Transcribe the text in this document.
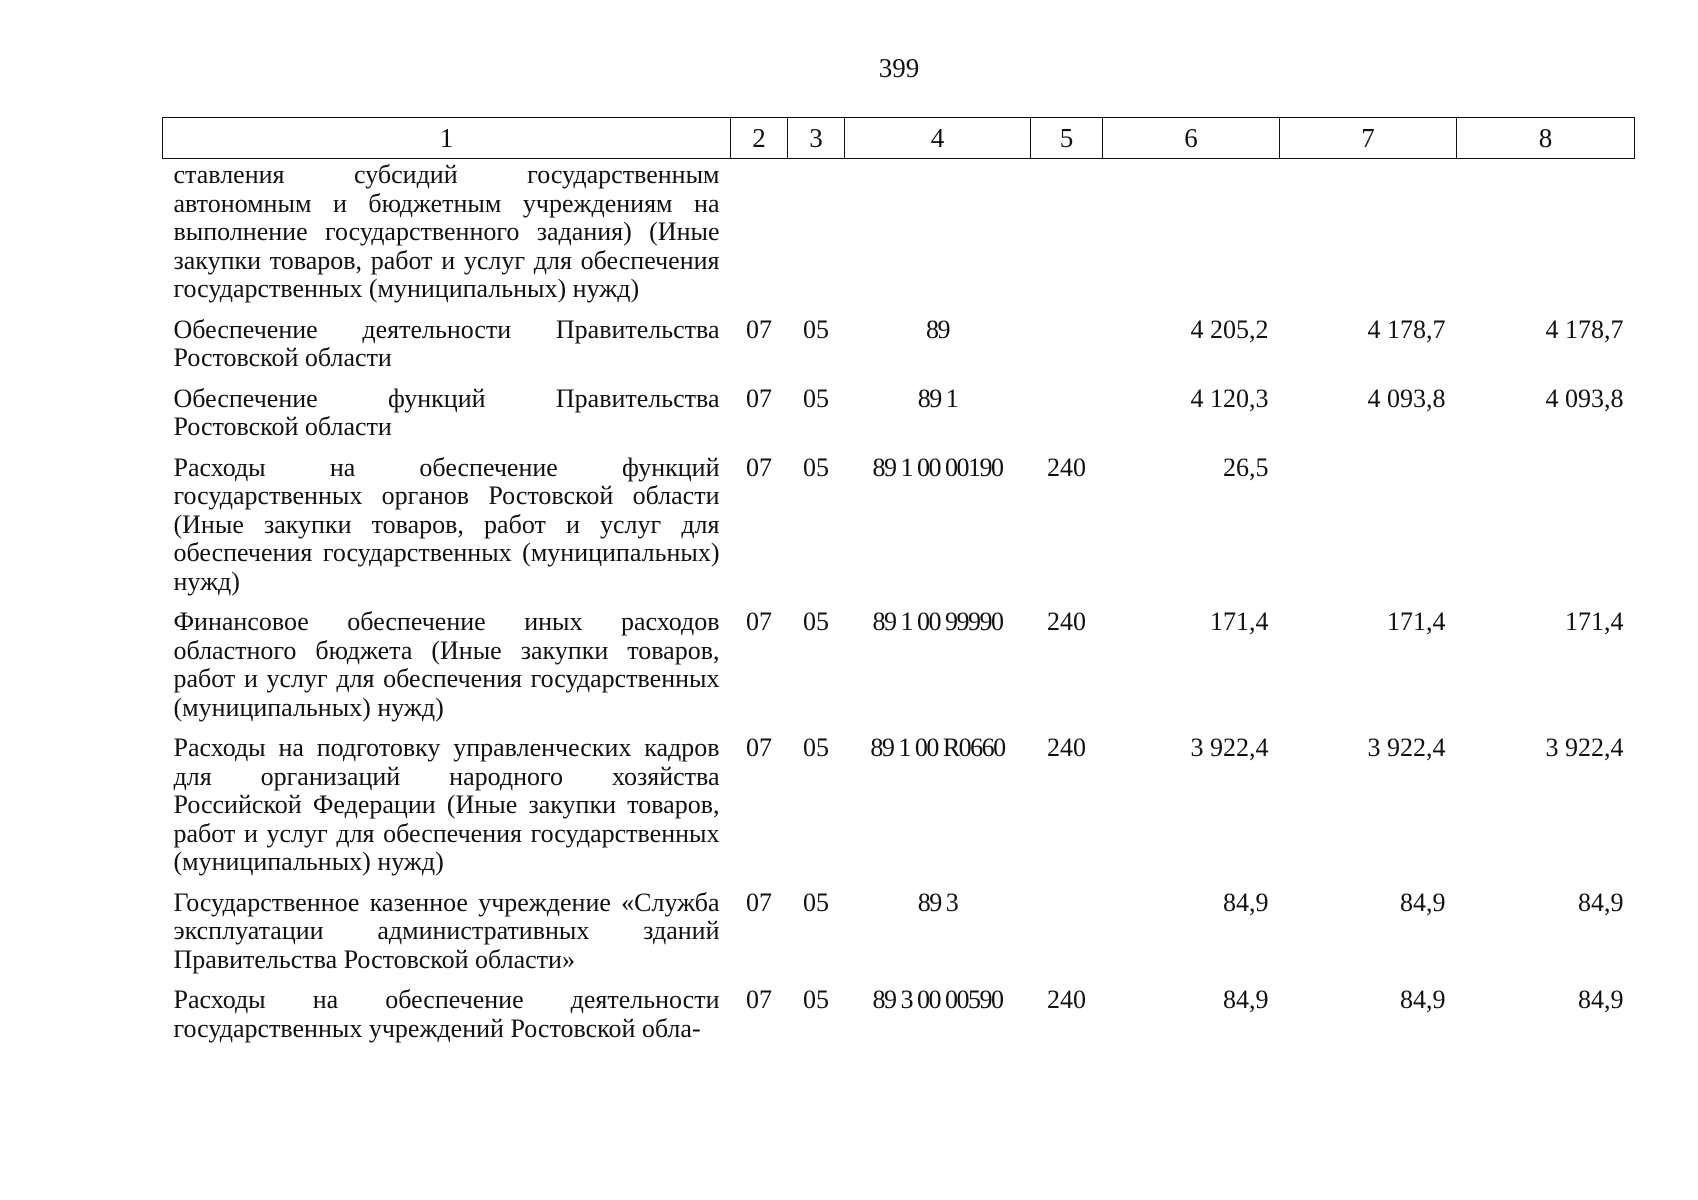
399
1	2	3	4	5	6	7	8
ставления субсидий государственным автономным и бюджетным учреждениям на выполнение государственного задания) (Иные закупки товаров, работ и услуг для обеспечения государственных (муниципальных) нужд)							
Обеспечение деятельности Правительства Ростовской области	07	05	89		4 205,2	4 178,7	4 178,7
Обеспечение функций Правительства Ростовской области	07	05	89 1		4 120,3	4 093,8	4 093,8
Расходы на обеспечение функций государственных органов Ростовской области (Иные закупки товаров, работ и услуг для обеспечения государственных (муниципальных) нужд)	07	05	89 1 00 00190	240	26,5		
Финансовое обеспечение иных расходов областного бюджета (Иные закупки товаров, работ и услуг для обеспечения государственных (муниципальных) нужд)	07	05	89 1 00 99990	240	171,4	171,4	171,4
Расходы на подготовку управленческих кадров для организаций народного хозяйства Российской Федерации (Иные закупки товаров, работ и услуг для обеспечения государственных (муниципальных) нужд)	07	05	89 1 00 R0660	240	3 922,4	3 922,4	3 922,4
Государственное казенное учреждение «Служба эксплуатации административных зданий Правительства Ростовской области»	07	05	89 3		84,9	84,9	84,9
Расходы на обеспечение деятельности государственных учреждений Ростовской обла-	07	05	89 3 00 00590	240	84,9	84,9	84,9
